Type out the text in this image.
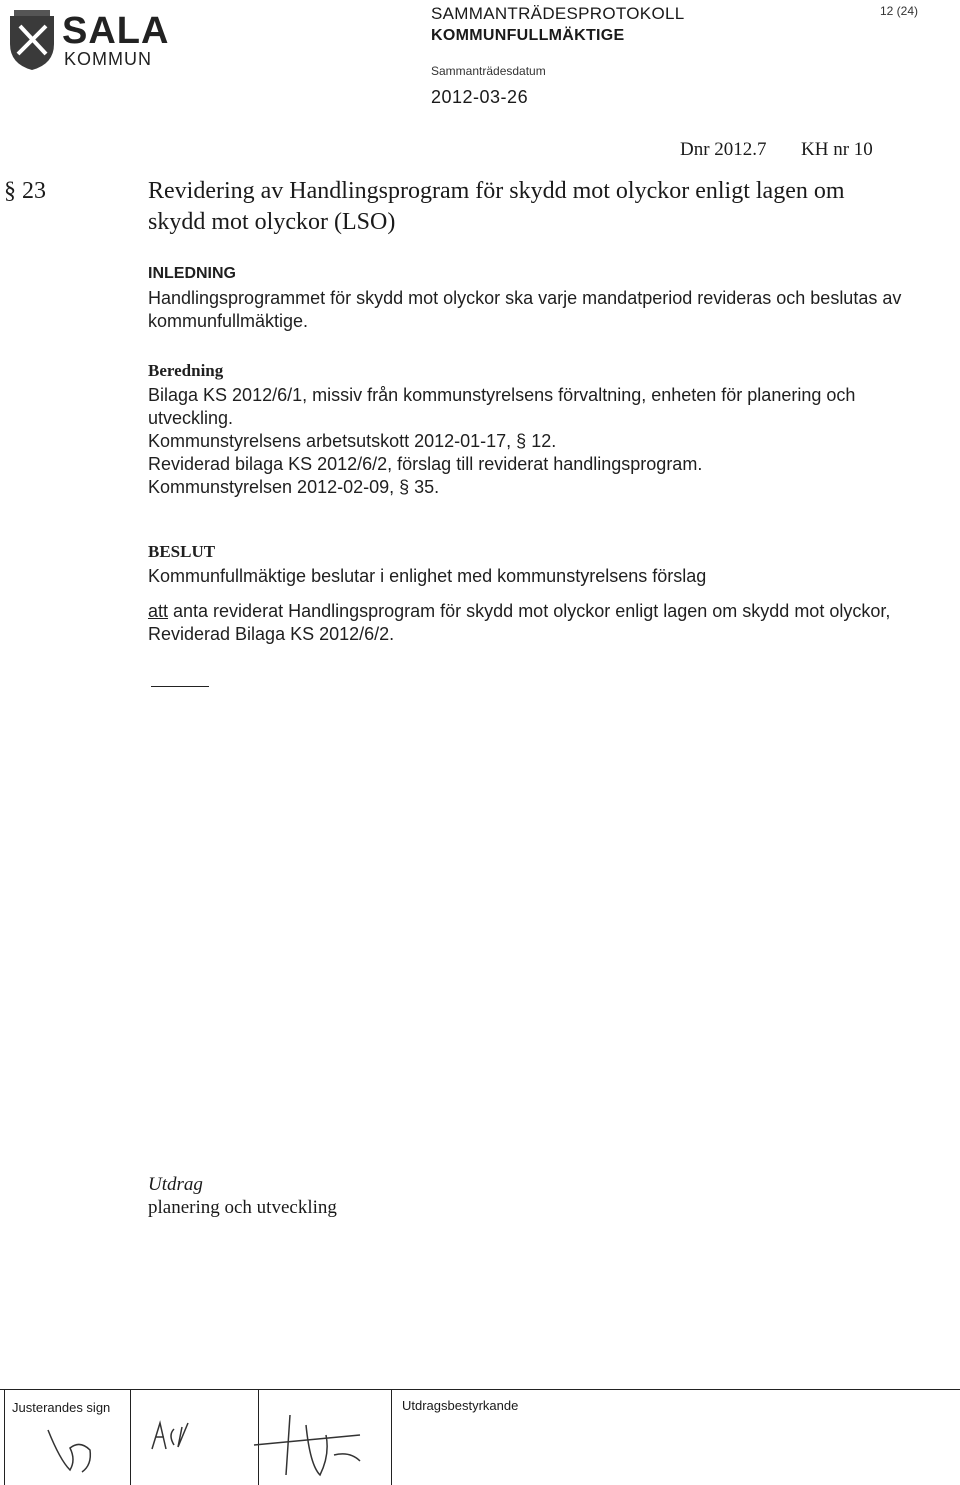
SALA
KOMMUN
SAMMANTRÄDESPROTOKOLL
KOMMUNFULLMÄKTIGE
Sammanträdesdatum
2012-03-26
12 (24)
Dnr 2012.7 KH nr 10
§ 23	Revidering av Handlingsprogram för skydd mot olyckor enligt lagen om skydd mot olyckor (LSO)
INLEDNING
Handlingsprogrammet för skydd mot olyckor ska varje mandatperiod revideras och beslutas av kommunfullmäktige.
Beredning
Bilaga KS 2012/6/1, missiv från kommunstyrelsens förvaltning, enheten för planering och utveckling.
Kommunstyrelsens arbetsutskott 2012-01-17, § 12.
Reviderad bilaga KS 2012/6/2, förslag till reviderat handlingsprogram.
Kommunstyrelsen 2012-02-09, § 35.
BESLUT
Kommunfullmäktige beslutar i enlighet med kommunstyrelsens förslag
att anta reviderat Handlingsprogram för skydd mot olyckor enligt lagen om skydd mot olyckor, Reviderad Bilaga KS 2012/6/2.
Utdrag
planering och utveckling
Justerandes sign	Utdragsbestyrkande
